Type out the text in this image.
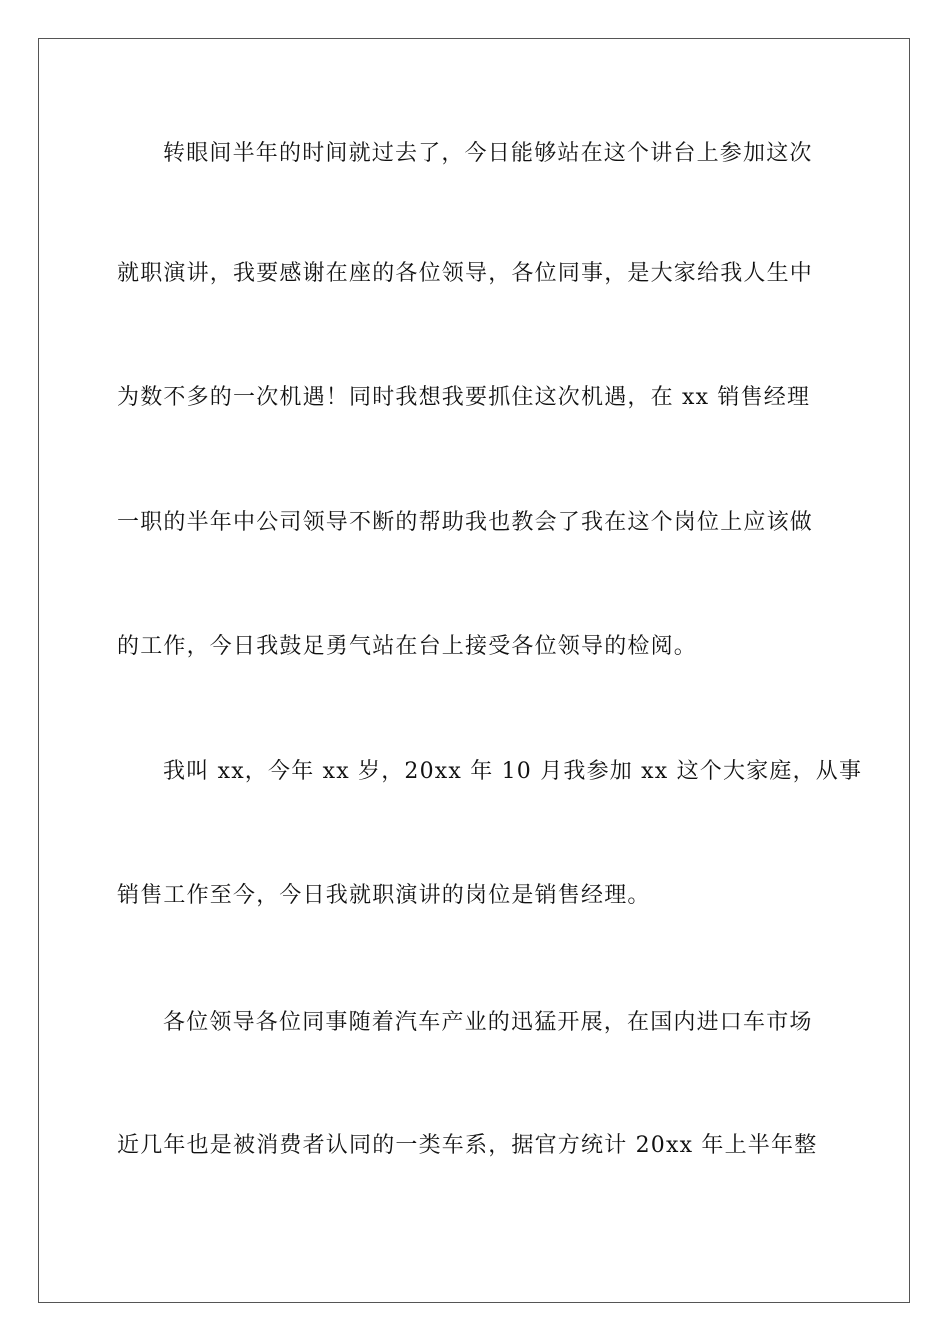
转眼间半年的时间就过去了，今日能够站在这个讲台上参加这次
就职演讲，我要感谢在座的各位领导，各位同事，是大家给我人生中
为数不多的一次机遇！同时我想我要抓住这次机遇，在 xx 销售经理
一职的半年中公司领导不断的帮助我也教会了我在这个岗位上应该做
的工作，今日我鼓足勇气站在台上接受各位领导的检阅。
我叫 xx，今年 xx 岁，20xx 年 10 月我参加 xx 这个大家庭，从事
销售工作至今，今日我就职演讲的岗位是销售经理。
各位领导各位同事随着汽车产业的迅猛开展，在国内进口车市场
近几年也是被消费者认同的一类车系，据官方统计 20xx 年上半年整
